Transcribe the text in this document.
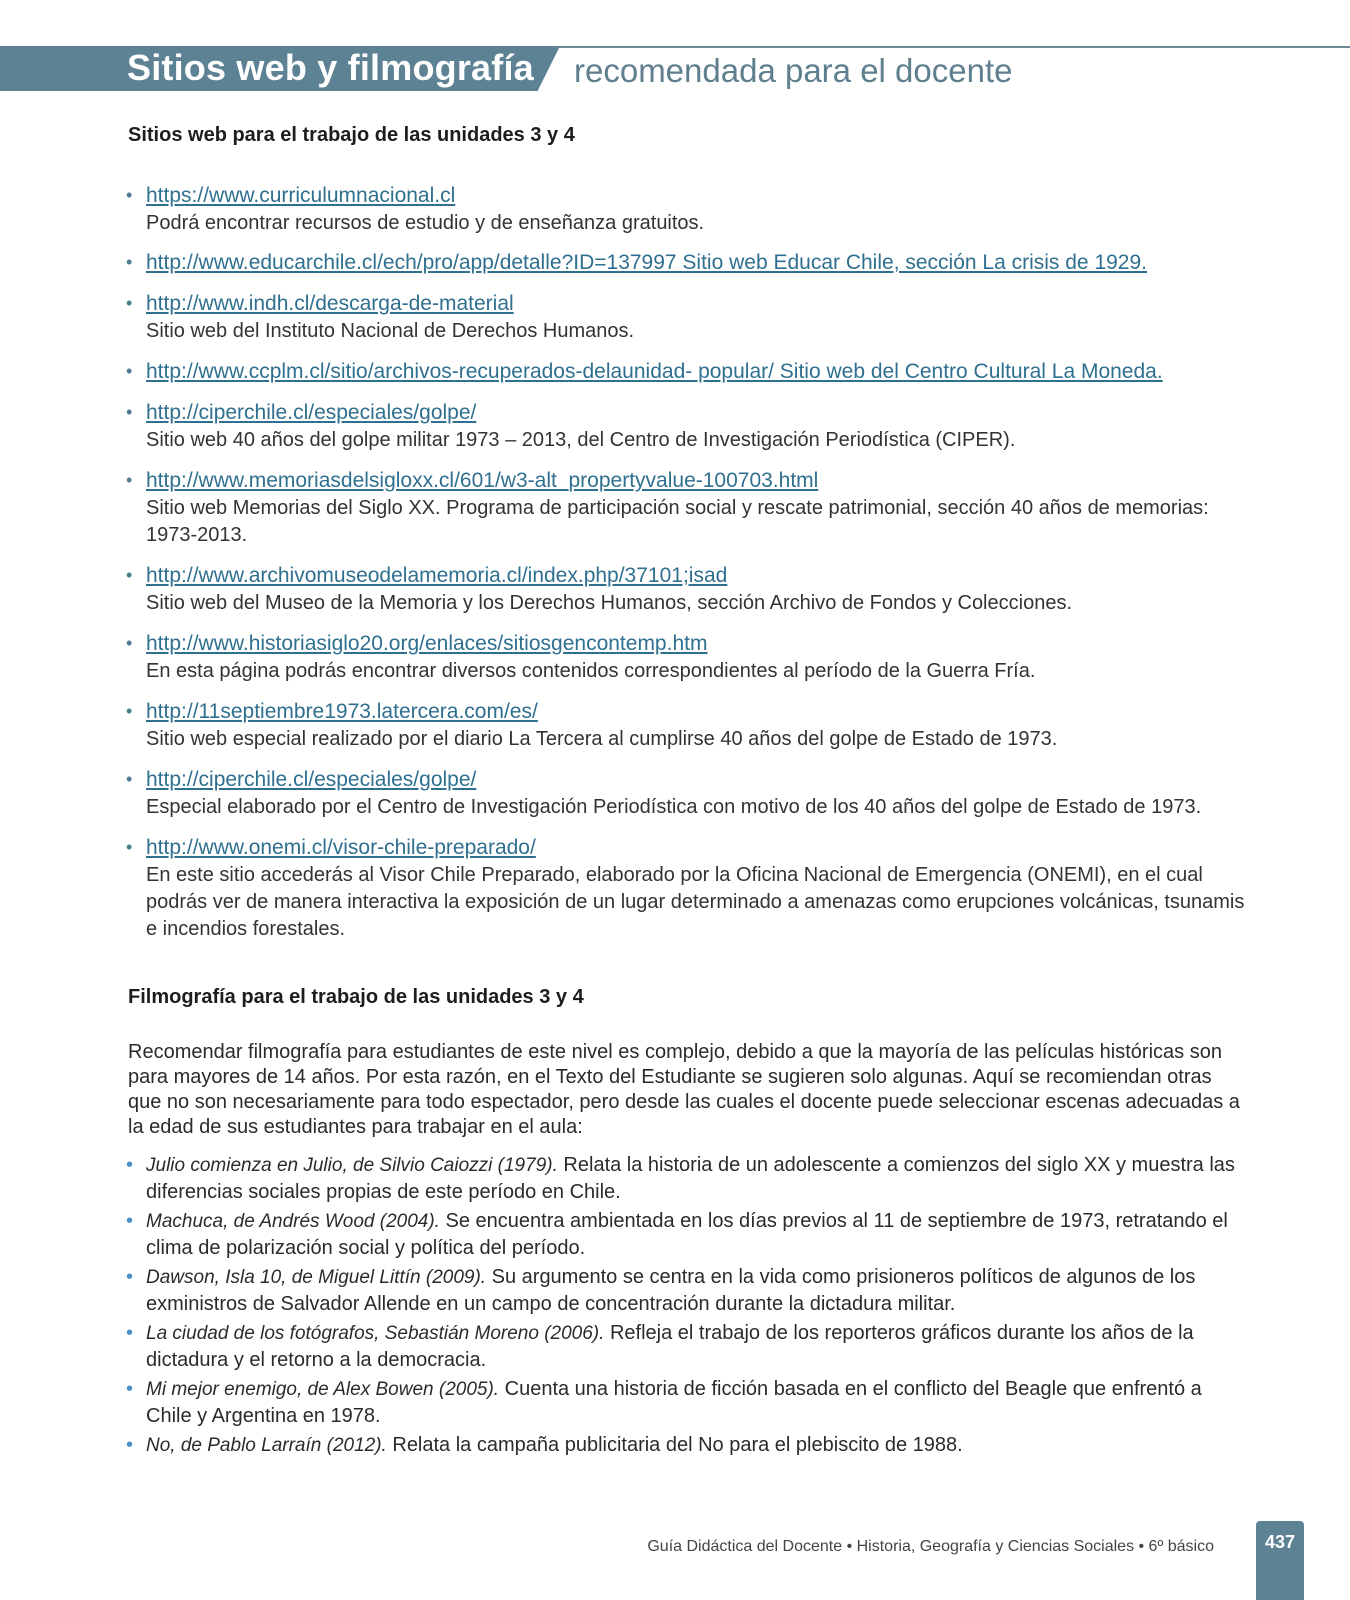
Sitios web y filmografía recomendada para el docente
Sitios web para el trabajo de las unidades 3 y 4
• https://www.curriculumnacional.cl
Podrá encontrar recursos de estudio y de enseñanza gratuitos.
• http://www.educarchile.cl/ech/pro/app/detalle?ID=137997 Sitio web Educar Chile, sección La crisis de 1929.
• http://www.indh.cl/descarga-de-material
Sitio web del Instituto Nacional de Derechos Humanos.
• http://www.ccplm.cl/sitio/archivos-recuperados-delaunidad- popular/ Sitio web del Centro Cultural La Moneda.
• http://ciperchile.cl/especiales/golpe/
Sitio web 40 años del golpe militar 1973 – 2013, del Centro de Investigación Periodística (CIPER).
• http://www.memoriasdelsigloxx.cl/601/w3-alt_propertyvalue-100703.html
Sitio web Memorias del Siglo XX. Programa de participación social y rescate patrimonial, sección 40 años de memorias: 1973-2013.
• http://www.archivomuseodelamemoria.cl/index.php/37101;isad
Sitio web del Museo de la Memoria y los Derechos Humanos, sección Archivo de Fondos y Colecciones.
• http://www.historiasiglo20.org/enlaces/sitiosgencontemp.htm
En esta página podrás encontrar diversos contenidos correspondientes al período de la Guerra Fría.
• http://11septiembre1973.latercera.com/es/
Sitio web especial realizado por el diario La Tercera al cumplirse 40 años del golpe de Estado de 1973.
• http://ciperchile.cl/especiales/golpe/
Especial elaborado por el Centro de Investigación Periodística con motivo de los 40 años del golpe de Estado de 1973.
• http://www.onemi.cl/visor-chile-preparado/
En este sitio accederás al Visor Chile Preparado, elaborado por la Oficina Nacional de Emergencia (ONEMI), en el cual podrás ver de manera interactiva la exposición de un lugar determinado a amenazas como erupciones volcánicas, tsunamis e incendios forestales.
Filmografía para el trabajo de las unidades 3 y 4

Recomendar filmografía para estudiantes de este nivel es complejo, debido a que la mayoría de las películas históricas son para mayores de 14 años. Por esta razón, en el Texto del Estudiante se sugieren solo algunas. Aquí se recomiendan otras que no son necesariamente para todo espectador, pero desde las cuales el docente puede seleccionar escenas adecuadas a la edad de sus estudiantes para trabajar en el aula:

• Julio comienza en Julio, de Silvio Caiozzi (1979). Relata la historia de un adolescente a comienzos del siglo XX y muestra las diferencias sociales propias de este período en Chile.
• Machuca, de Andrés Wood (2004). Se encuentra ambientada en los días previos al 11 de septiembre de 1973, retratando el clima de polarización social y política del período.
• Dawson, Isla 10, de Miguel Littín (2009). Su argumento se centra en la vida como prisioneros políticos de algunos de los exministros de Salvador Allende en un campo de concentración durante la dictadura militar.
• La ciudad de los fotógrafos, Sebastián Moreno (2006). Refleja el trabajo de los reporteros gráficos durante los años de la dictadura y el retorno a la democracia.
• Mi mejor enemigo, de Alex Bowen (2005). Cuenta una historia de ficción basada en el conflicto del Beagle que enfrentó a Chile y Argentina en 1978.
• No, de Pablo Larraín (2012). Relata la campaña publicitaria del No para el plebiscito de 1988.
Guía Didáctica del Docente • Historia, Geografía y Ciencias Sociales • 6º básico	437
